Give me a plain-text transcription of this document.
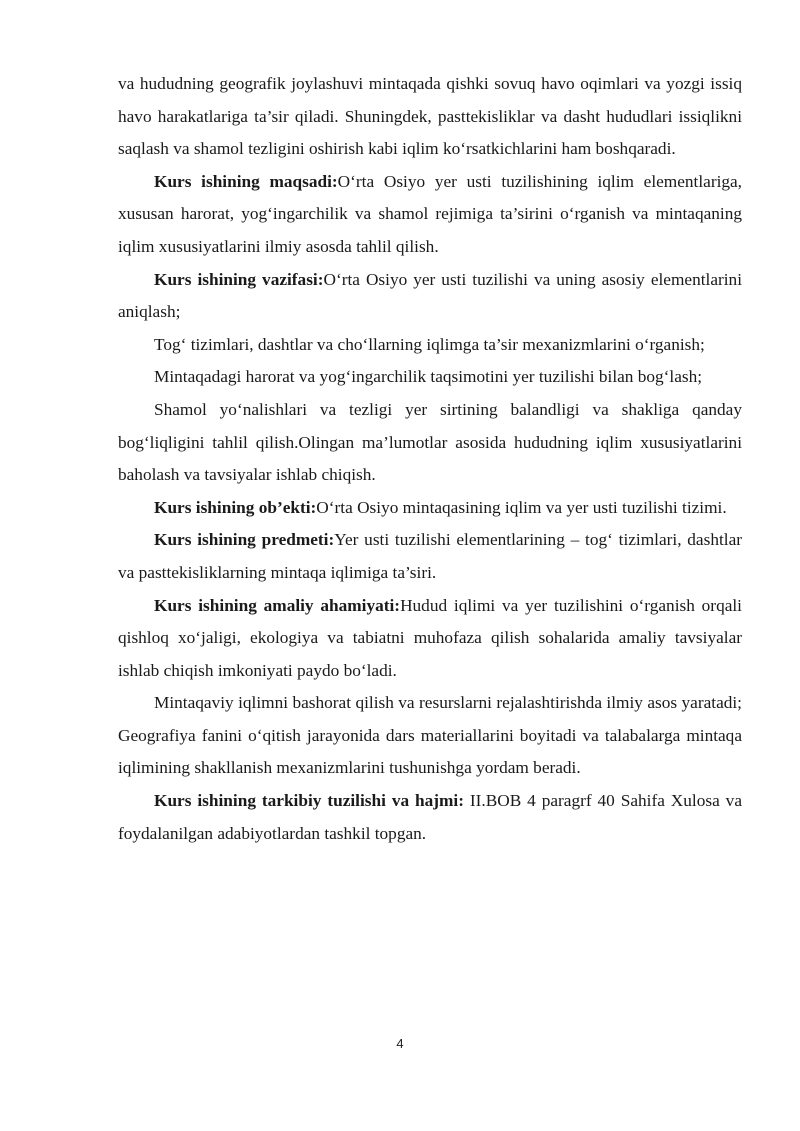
va hududning geografik joylashuvi mintaqada qishki sovuq havo oqimlari va yozgi issiq havo harakatlariga ta’sir qiladi. Shuningdek, pasttekisliklar va dasht hududlari issiqlikni saqlash va shamol tezligini oshirish kabi iqlim ko‘rsatkichlarini ham boshqaradi.

Kurs ishining maqsadi:O‘rta Osiyo yer usti tuzilishining iqlim elementlariga, xususan harorat, yog‘ingarchilik va shamol rejimiga ta’sirini o‘rganish va mintaqaning iqlim xususiyatlarini ilmiy asosda tahlil qilish.

Kurs ishining vazifasi:O‘rta Osiyo yer usti tuzilishi va uning asosiy elementlarini aniqlash;

Tog‘ tizimlari, dashtlar va cho‘llarning iqlimga ta’sir mexanizmlarini o‘rganish;

Mintaqadagi harorat va yog‘ingarchilik taqsimotini yer tuzilishi bilan bog‘lash;

Shamol yo‘nalishlari va tezligi yer sirtining balandligi va shakliga qanday bog‘liqligini tahlil qilish.Olingan ma’lumotlar asosida hududning iqlim xususiyatlarini baholash va tavsiyalar ishlab chiqish.

Kurs ishining ob’ekti:O‘rta Osiyo mintaqasining iqlim va yer usti tuzilishi tizimi.

Kurs ishining predmeti:Yer usti tuzilishi elementlarining – tog‘ tizimlari, dashtlar va pasttekisliklarning mintaqa iqlimiga ta’siri.

Kurs ishining amaliy ahamiyati:Hudud iqlimi va yer tuzilishini o‘rganish orqali qishloq xo‘jaligi, ekologiya va tabiatni muhofaza qilish sohalarida amaliy tavsiyalar ishlab chiqish imkoniyati paydo bo‘ladi.

Mintaqaviy iqlimni bashorat qilish va resurslarni rejalashtirishda ilmiy asos yaratadi; Geografiya fanini o‘qitish jarayonida dars materiallarini boyitadi va talabalarga mintaqa iqlimining shakllanish mexanizmlarini tushunishga yordam beradi.

Kurs ishining tarkibiy tuzilishi va hajmi: II.BOB 4 paragrf 40 Sahifa Xulosa va foydalanilgan adabiyotlardan tashkil topgan.

4
